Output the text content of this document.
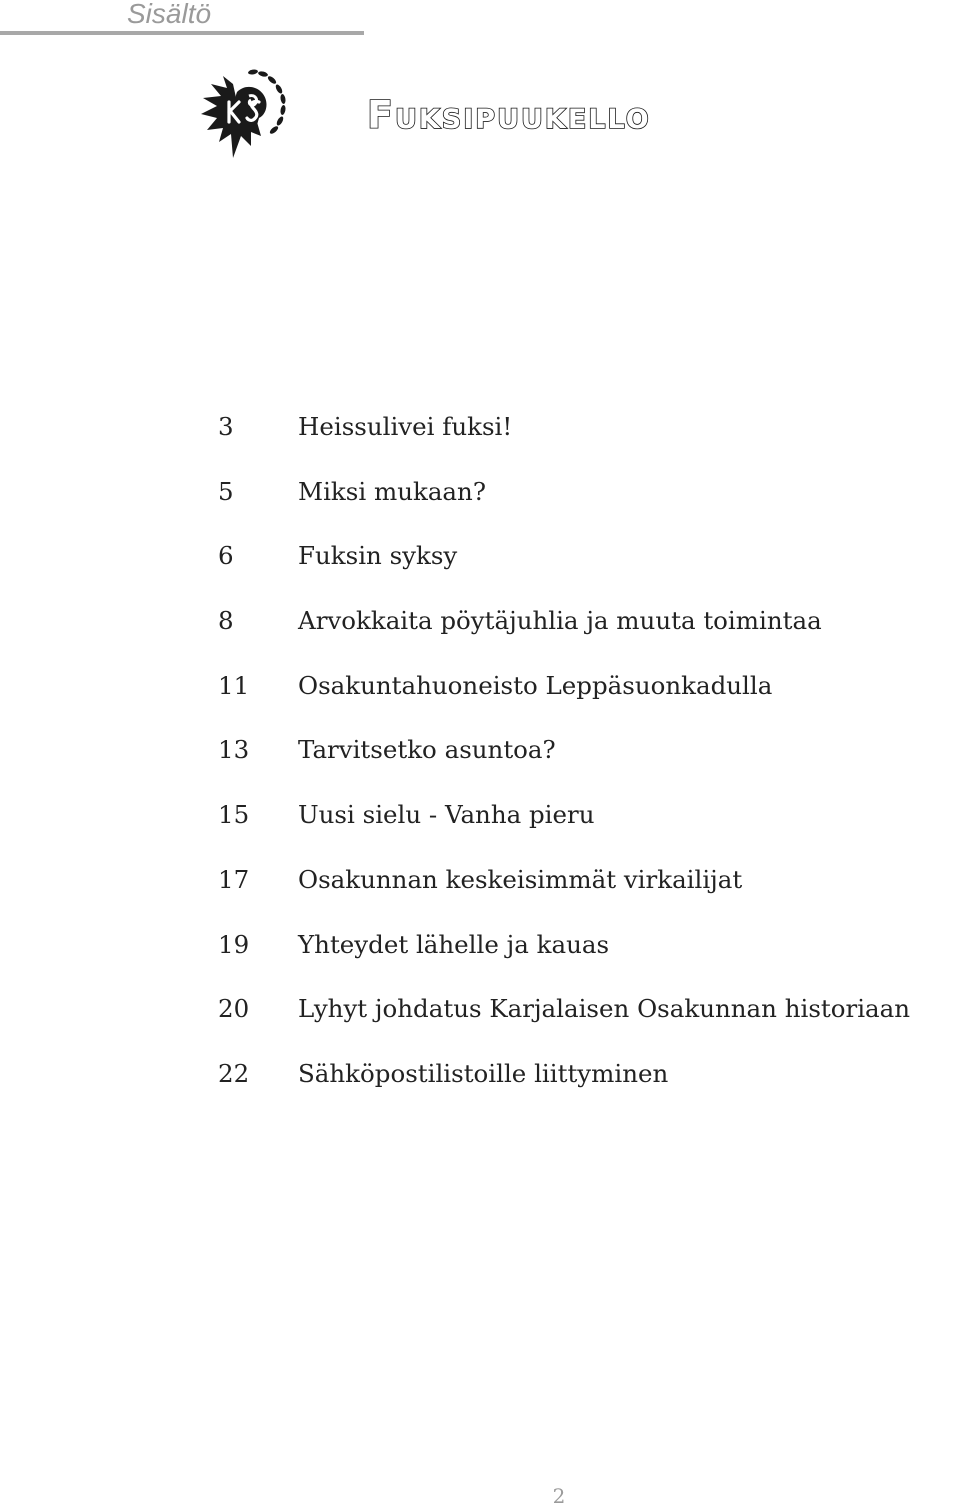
Sisältö

Fuksipuukello
3	Heissulivei fuksi!
5	Miksi mukaan?
6	Fuksin syksy
8	Arvokkaita pöytäjuhlia ja muuta toimintaa
11 Osakuntahuoneisto Leppäsuonkadulla
13 Tarvitsetko asuntoa?
15 Uusi sielu - Vanha pieru
17 Osakunnan keskeisimmät virkailijat
19 Yhteydet lähelle ja kauas
20 Lyhyt johdatus Karjalaisen Osakunnan historiaan
22 Sähköpostilistoille liittyminen

2
